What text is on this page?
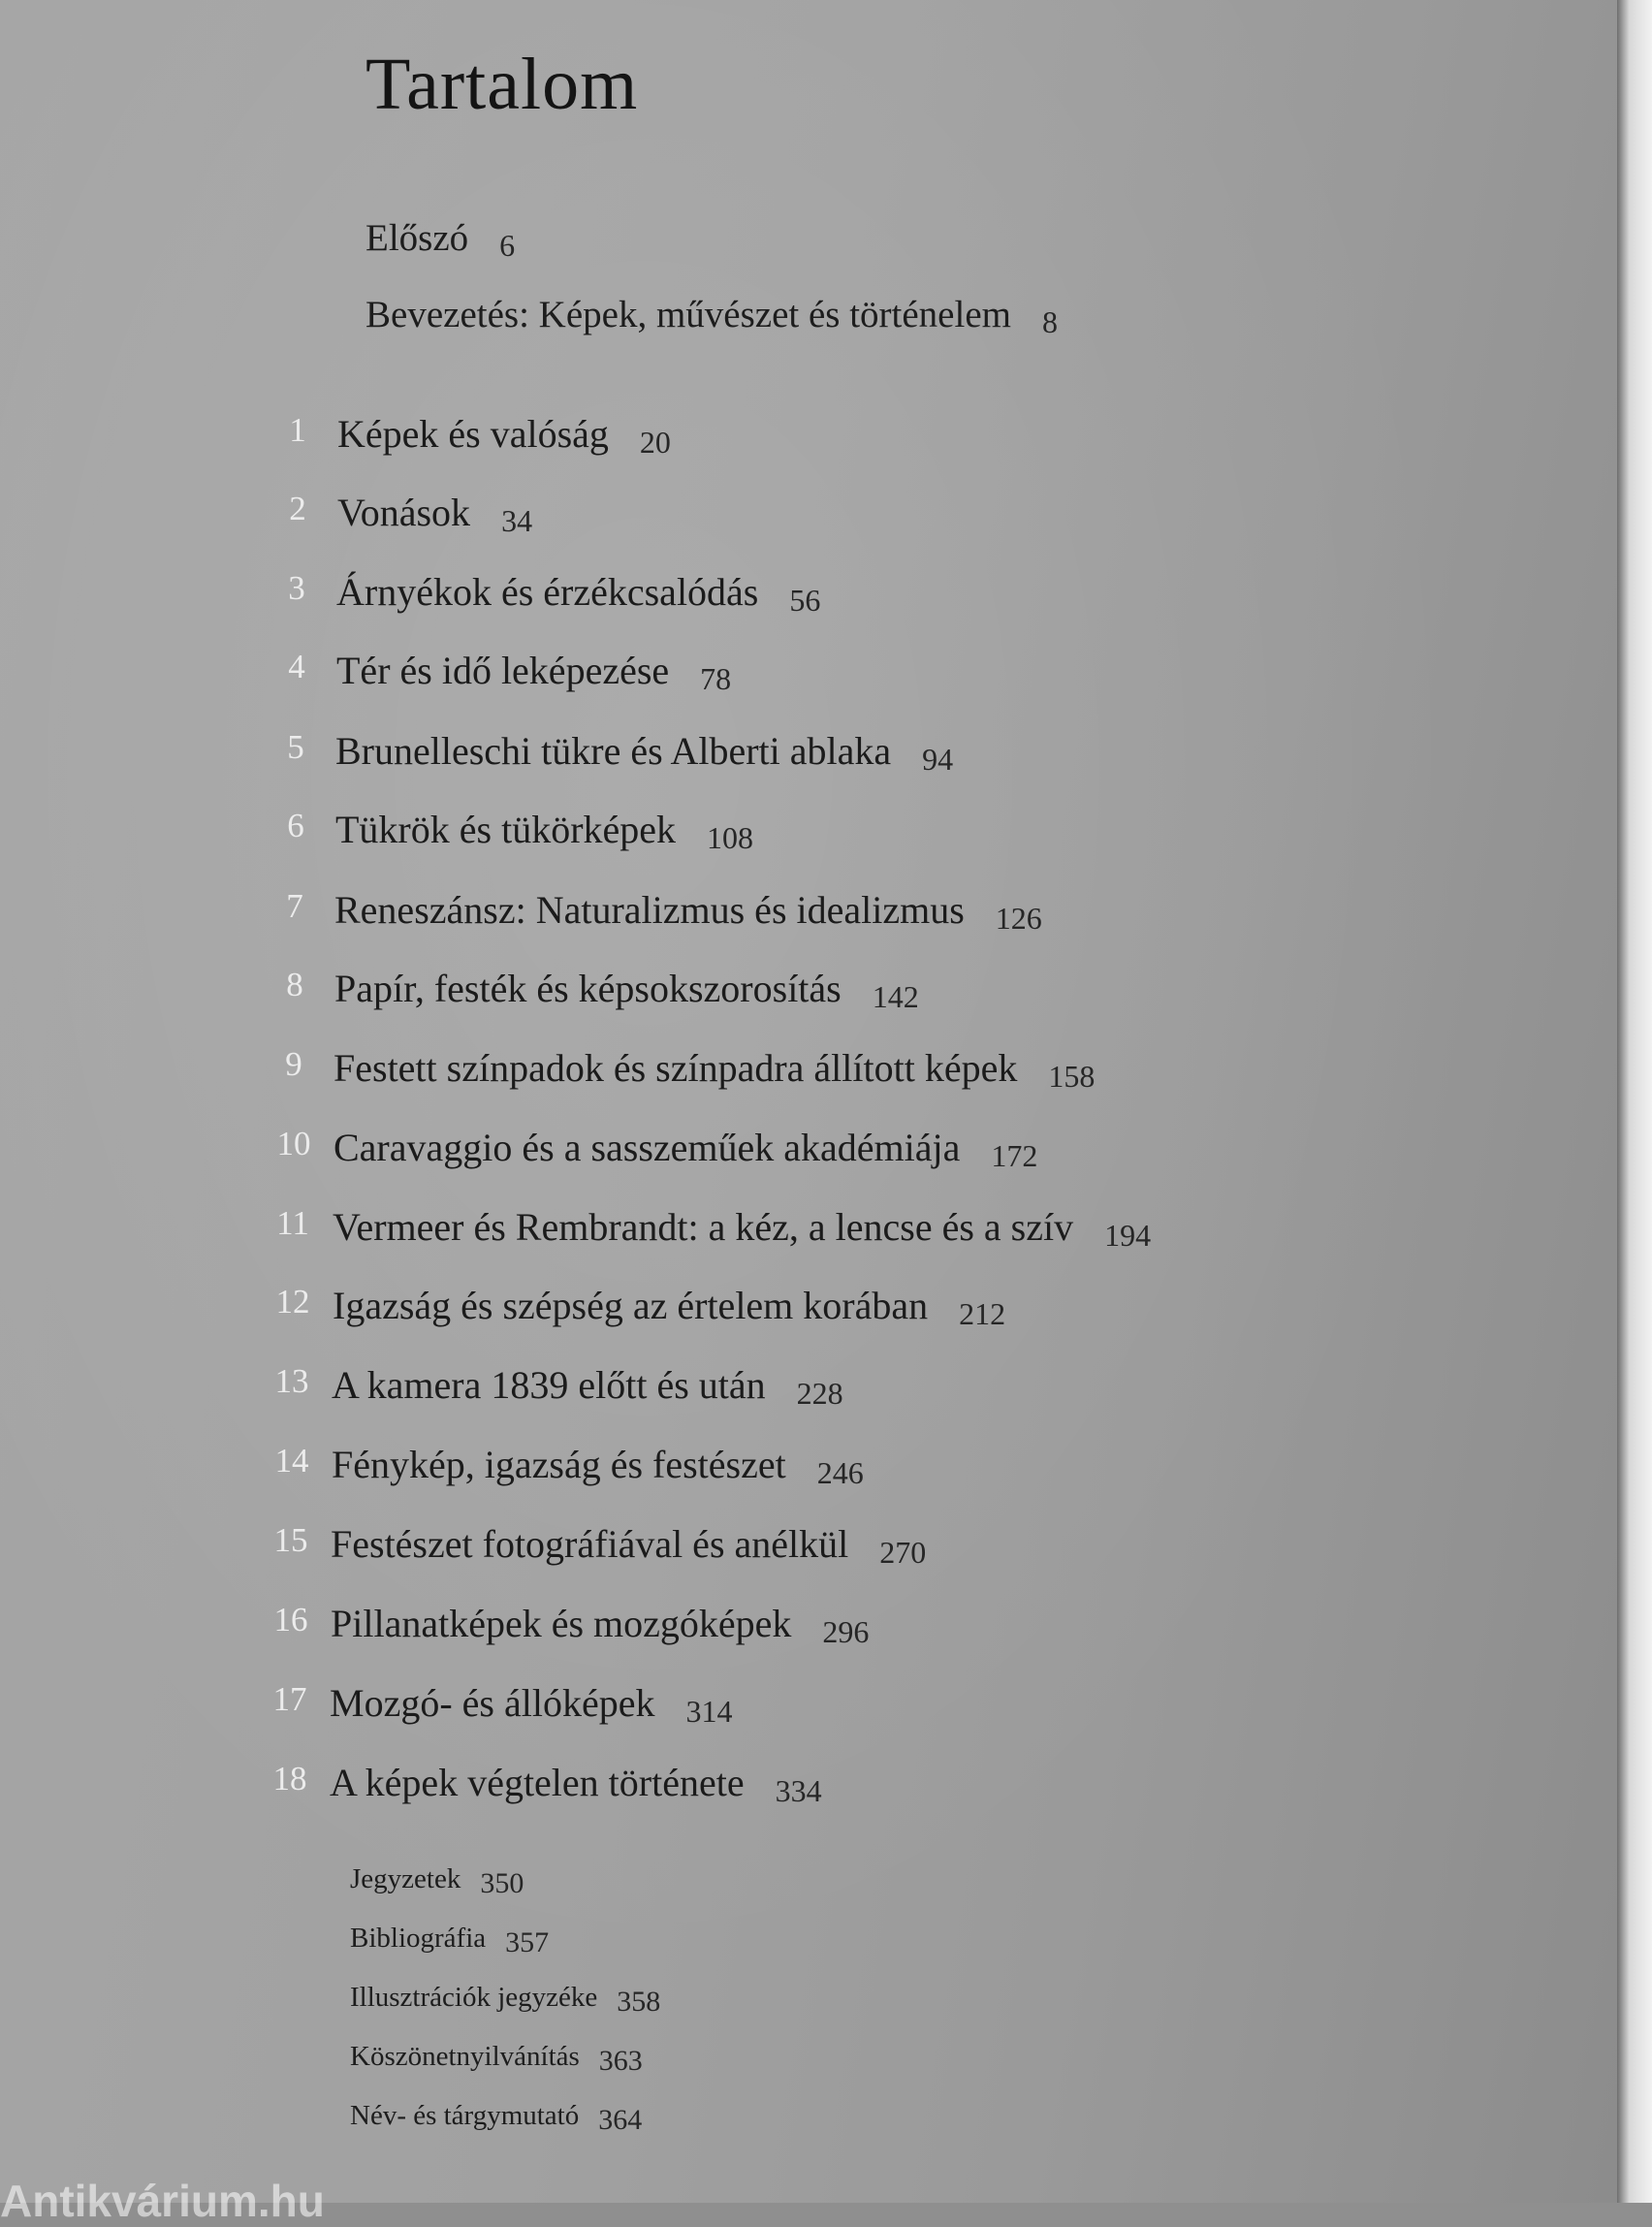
Tartalom
Előszó 6
Bevezetés: Képek, művészet és történelem 8
1 Képek és valóság 20
2 Vonások 34
3 Árnyékok és érzékcsalódás 56
4 Tér és idő leképezése 78
5 Brunelleschi tükre és Alberti ablaka 94
6 Tükrök és tükörképek 108
7 Reneszánsz: Naturalizmus és idealizmus 126
8 Papír, festék és képsokszorosítás 142
9 Festett színpadok és színpadra állított képek 158
10 Caravaggio és a sasszeműek akadémiája 172
11 Vermeer és Rembrandt: a kéz, a lencse és a szív 194
12 Igazság és szépség az értelem korában 212
13 A kamera 1839 előtt és után 228
14 Fénykép, igazság és festészet 246
15 Festészet fotográfiával és anélkül 270
16 Pillanatképek és mozgóképek 296
17 Mozgó- és állóképek 314
18 A képek végtelen története 334
Jegyzetek 350
Bibliográfia 357
Illusztrációk jegyzéke 358
Köszönetnyilvánítás 363
Név- és tárgymutató 364
Antikvárium.hu
